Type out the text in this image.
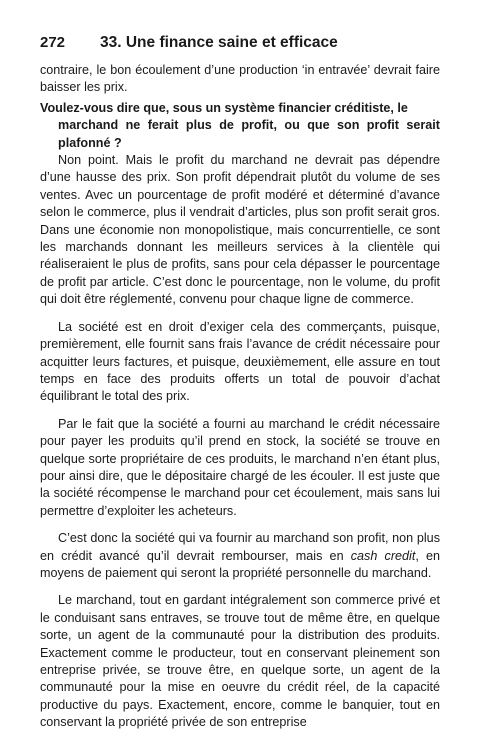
272	33. Une finance saine et efficace

contraire, le bon écoulement d’une production ‘in entravée’ devrait faire baisser les prix.

Voulez-vous dire que, sous un système financier créditiste, le
marchand ne ferait plus de profit, ou que son profit serait plafonné ?

Non point. Mais le profit du marchand ne devrait pas dépendre d’une hausse des prix. Son profit dépendrait plutôt du volume de ses ventes. Avec un pourcentage de profit modéré et déterminé d’avance selon le commerce, plus il vendrait d’articles, plus son profit serait gros. Dans une économie non monopolistique, mais concurrentielle, ce sont les marchands donnant les meilleurs services à la clientèle qui réaliseraient le plus de profits, sans pour cela dépasser le pourcentage de profit par article. C’est donc le pourcentage, non le volume, du profit qui doit être réglementé, convenu pour chaque ligne de commerce.

La société est en droit d’exiger cela des commerçants, puisque, premièrement, elle fournit sans frais l’avance de crédit nécessaire pour acquitter leurs factures, et puisque, deuxièmement, elle assure en tout temps en face des produits offerts un total de pouvoir d’achat équilibrant le total des prix.

Par le fait que la société a fourni au marchand le crédit nécessaire pour payer les produits qu’il prend en stock, la société se trouve en quelque sorte propriétaire de ces produits, le marchand n’en étant plus, pour ainsi dire, que le dépositaire chargé de les écouler. Il est juste que la société récompense le marchand pour cet écoulement, mais sans lui permettre d’exploiter les acheteurs.

C’est donc la société qui va fournir au marchand son profit, non plus en crédit avancé qu’il devrait rembourser, mais en cash credit, en moyens de paiement qui seront la propriété personnelle du marchand.

Le marchand, tout en gardant intégralement son commerce privé et le conduisant sans entraves, se trouve tout de même être, en quelque sorte, un agent de la communauté pour la distribution des produits. Exactement comme le producteur, tout en conservant pleinement son entreprise privée, se trouve être, en quelque sorte, un agent de la communauté pour la mise en oeuvre du crédit réel, de la capacité productive du pays. Exactement, encore, comme le banquier, tout en conservant la propriété privée de son entreprise
